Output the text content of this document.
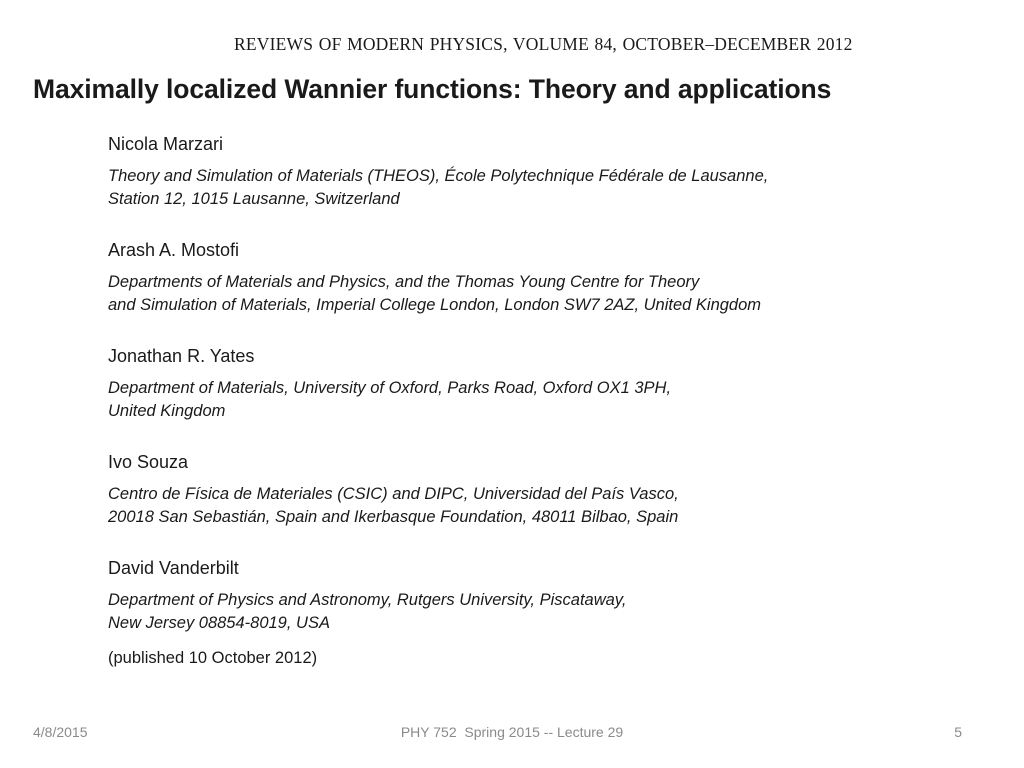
REVIEWS OF MODERN PHYSICS, VOLUME 84, OCTOBER–DECEMBER 2012
Maximally localized Wannier functions: Theory and applications
Nicola Marzari
Theory and Simulation of Materials (THEOS), École Polytechnique Fédérale de Lausanne,
Station 12, 1015 Lausanne, Switzerland
Arash A. Mostofi
Departments of Materials and Physics, and the Thomas Young Centre for Theory
and Simulation of Materials, Imperial College London, London SW7 2AZ, United Kingdom
Jonathan R. Yates
Department of Materials, University of Oxford, Parks Road, Oxford OX1 3PH,
United Kingdom
Ivo Souza
Centro de Física de Materiales (CSIC) and DIPC, Universidad del País Vasco,
20018 San Sebastián, Spain and Ikerbasque Foundation, 48011 Bilbao, Spain
David Vanderbilt
Department of Physics and Astronomy, Rutgers University, Piscataway,
New Jersey 08854-8019, USA
(published 10 October 2012)
4/8/2015	PHY 752  Spring 2015 -- Lecture 29	5
